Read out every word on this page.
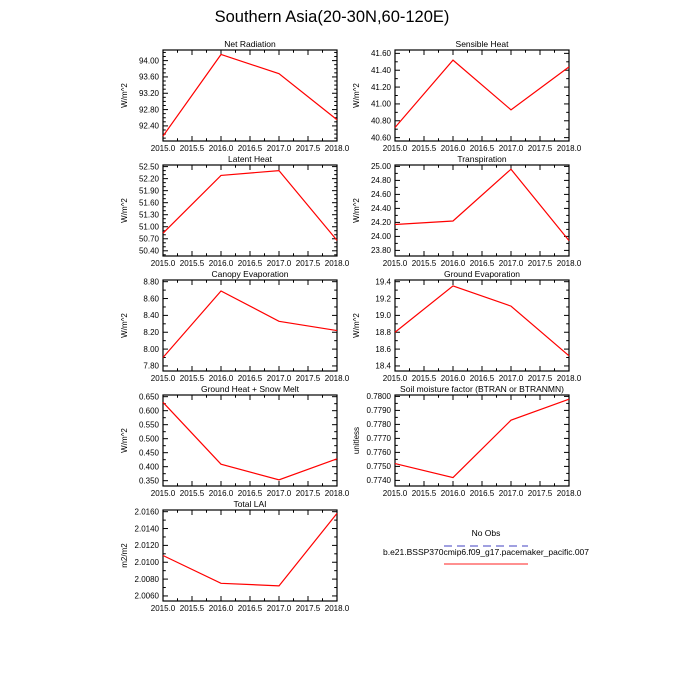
Southern Asia(20-30N,60-120E)
Net Radiation
W/m^2
92.40
92.80
93.20
93.60
94.00
2015.0 2015.5 2016.0 2016.5 2017.0 2017.5 2018.0
Sensible Heat
W/m^2
40.60
40.80
41.00
41.20
41.40
41.60
2015.0 2015.5 2016.0 2016.5 2017.0 2017.5 2018.0
Latent Heat
W/m^2
50.40
50.70
51.00
51.30
51.60
51.90
52.20
52.50
2015.0 2015.5 2016.0 2016.5 2017.0 2017.5 2018.0
Transpiration
W/m^2
23.80
24.00
24.20
24.40
24.60
24.80
25.00
2015.0 2015.5 2016.0 2016.5 2017.0 2017.5 2018.0
Canopy Evaporation
W/m^2
7.80
8.00
8.20
8.40
8.60
8.80
2015.0 2015.5 2016.0 2016.5 2017.0 2017.5 2018.0
Ground Evaporation
W/m^2
18.4
18.6
18.8
19.0
19.2
19.4
2015.0 2015.5 2016.0 2016.5 2017.0 2017.5 2018.0
Ground Heat + Snow Melt
W/m^2
0.350
0.400
0.450
0.500
0.550
0.600
0.650
2015.0 2015.5 2016.0 2016.5 2017.0 2017.5 2018.0
Soil moisture factor (BTRAN or BTRANMN)
unitless
0.7740
0.7750
0.7760
0.7770
0.7780
0.7790
0.7800
2015.0 2015.5 2016.0 2016.5 2017.0 2017.5 2018.0
Total LAI
m2/m2
2.0060
2.0080
2.0100
2.0120
2.0140
2.0160
2015.0 2015.5 2016.0 2016.5 2017.0 2017.5 2018.0
No Obs
b.e21.BSSP370cmip6.f09_g17.pacemaker_pacific.007
